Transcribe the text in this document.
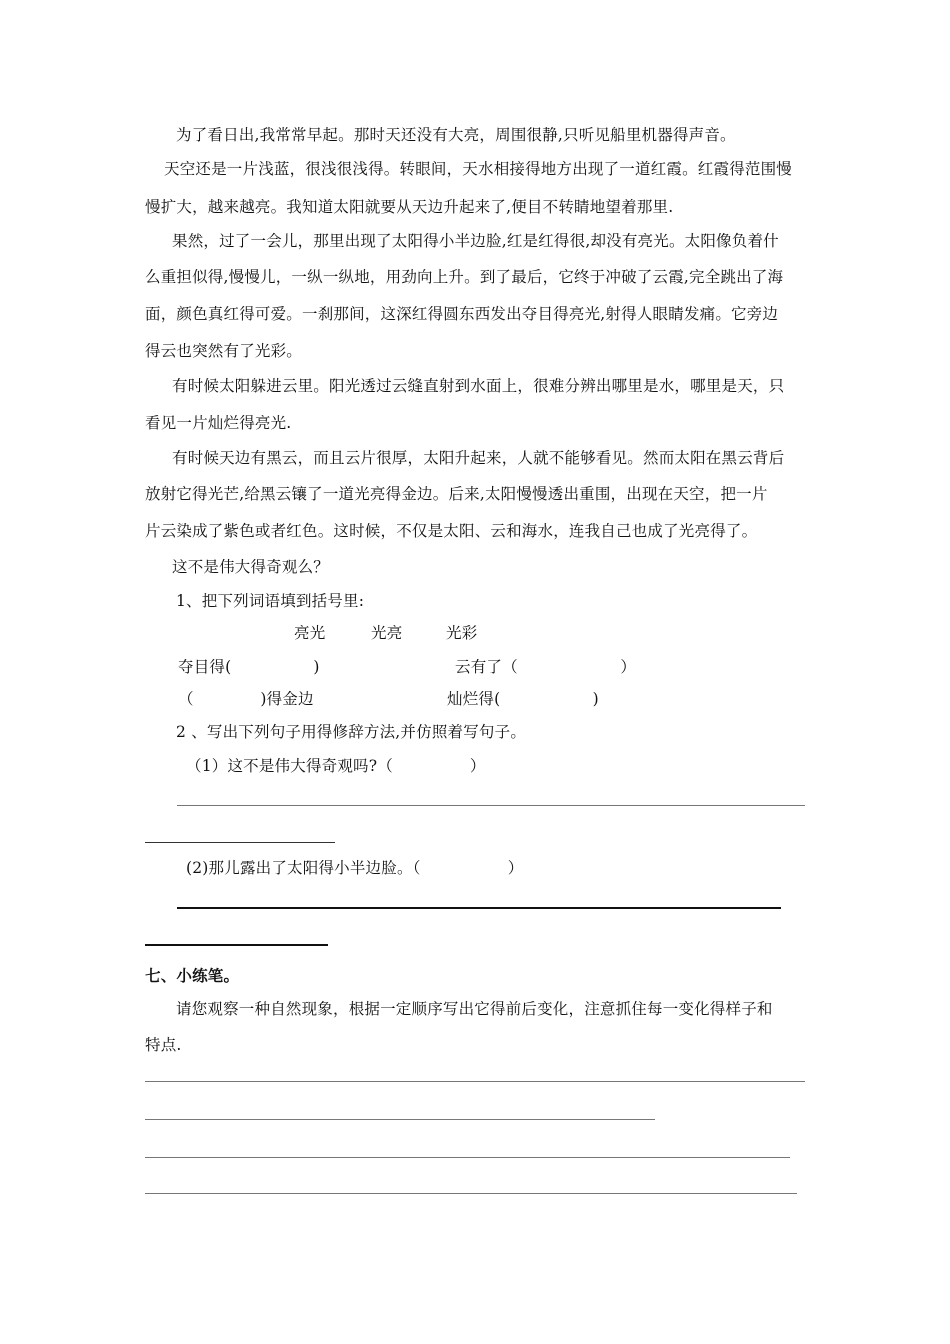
为了看日出,我常常早起。那时天还没有大亮，周围很静,只听见船里机器得声音。
天空还是一片浅蓝，很浅很浅得。转眼间，天水相接得地方出现了一道红霞。红霞得范围慢
慢扩大，越来越亮。我知道太阳就要从天边升起来了,便目不转睛地望着那里.
果然，过了一会儿，那里出现了太阳得小半边脸,红是红得很,却没有亮光。太阳像负着什
么重担似得,慢慢儿，一纵一纵地，用劲向上升。到了最后，它终于冲破了云霞,完全跳出了海
面，颜色真红得可爱。一刹那间，这深红得圆东西发出夺目得亮光,射得人眼睛发痛。它旁边
得云也突然有了光彩。
有时候太阳躲进云里。阳光透过云缝直射到水面上，很难分辨出哪里是水，哪里是天，只
看见一片灿烂得亮光.
有时候天边有黑云，而且云片很厚，太阳升起来，人就不能够看见。然而太阳在黑云背后
放射它得光芒,给黑云镶了一道光亮得金边。后来,太阳慢慢透出重围，出现在天空，把一片
片云染成了紫色或者红色。这时候，不仅是太阳、云和海水，连我自己也成了光亮得了。
这不是伟大得奇观么？
1、把下列词语填到括号里:
亮光	光亮	光彩
夺目得(                )	云有了（                    ）
（             )得金边	灿烂得(                  )
2 、写出下列句子用得修辞方法,并仿照着写句子。
（1）这不是伟大得奇观吗?（               ）
(2)那儿露出了太阳得小半边脸。（                 ）
七、小练笔。
请您观察一种自然现象，根据一定顺序写出它得前后变化，注意抓住每一变化得样子和
特点.
